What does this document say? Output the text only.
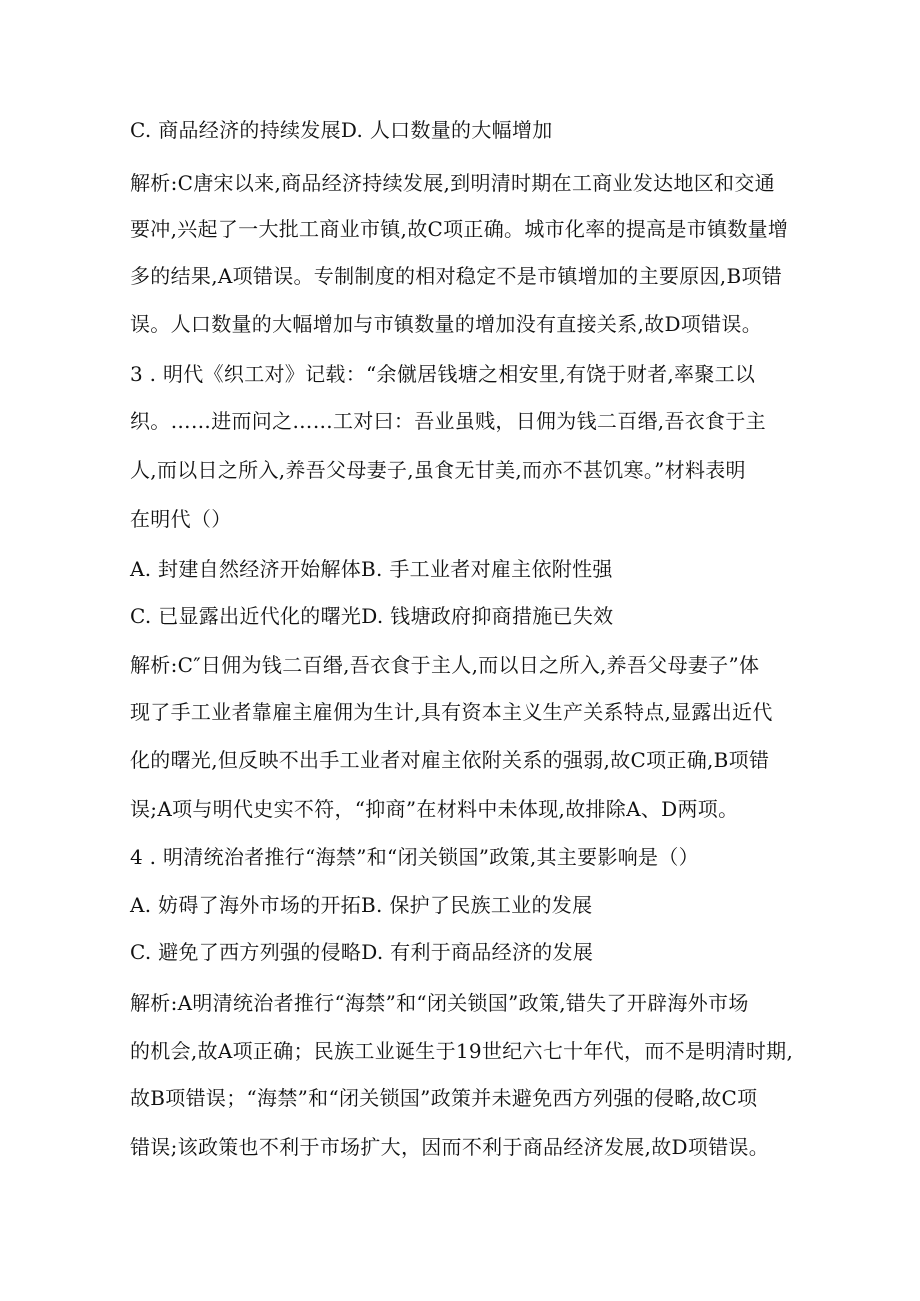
C. 商品经济的持续发展D. 人口数量的大幅增加
解析:C唐宋以来,商品经济持续发展,到明清时期在工商业发达地区和交通
要冲,兴起了一大批工商业市镇,故C项正确。城市化率的提高是市镇数量增
多的结果,A项错误。专制制度的相对稳定不是市镇增加的主要原因,B项错
误。人口数量的大幅增加与市镇数量的增加没有直接关系,故D项错误。
3 . 明代《织工对》记载：“余僦居钱塘之相安里,有饶于财者,率聚工以
织。……进而问之……工对曰：吾业虽贱，日佣为钱二百缗,吾衣食于主
人,而以日之所入,养吾父母妻子,虽食无甘美,而亦不甚饥寒。”材料表明
在明代（）
A. 封建自然经济开始解体B. 手工业者对雇主依附性强
C. 已显露出近代化的曙光D. 钱塘政府抑商措施已失效
解析:C″日佣为钱二百缗,吾衣食于主人,而以日之所入,养吾父母妻子”体
现了手工业者靠雇主雇佣为生计,具有资本主义生产关系特点,显露出近代
化的曙光,但反映不出手工业者对雇主依附关系的强弱,故C项正确,B项错
误;A项与明代史实不符，“抑商”在材料中未体现,故排除A、D两项。
4 . 明清统治者推行“海禁”和“闭关锁国”政策,其主要影响是（）
A. 妨碍了海外市场的开拓B. 保护了民族工业的发展
C. 避免了西方列强的侵略D. 有利于商品经济的发展
解析:A明清统治者推行“海禁”和“闭关锁国”政策,错失了开辟海外市场
的机会,故A项正确；民族工业诞生于19世纪六七十年代，而不是明清时期,
故B项错误；“海禁”和“闭关锁国”政策并未避免西方列强的侵略,故C项
错误;该政策也不利于市场扩大，因而不利于商品经济发展,故D项错误。
